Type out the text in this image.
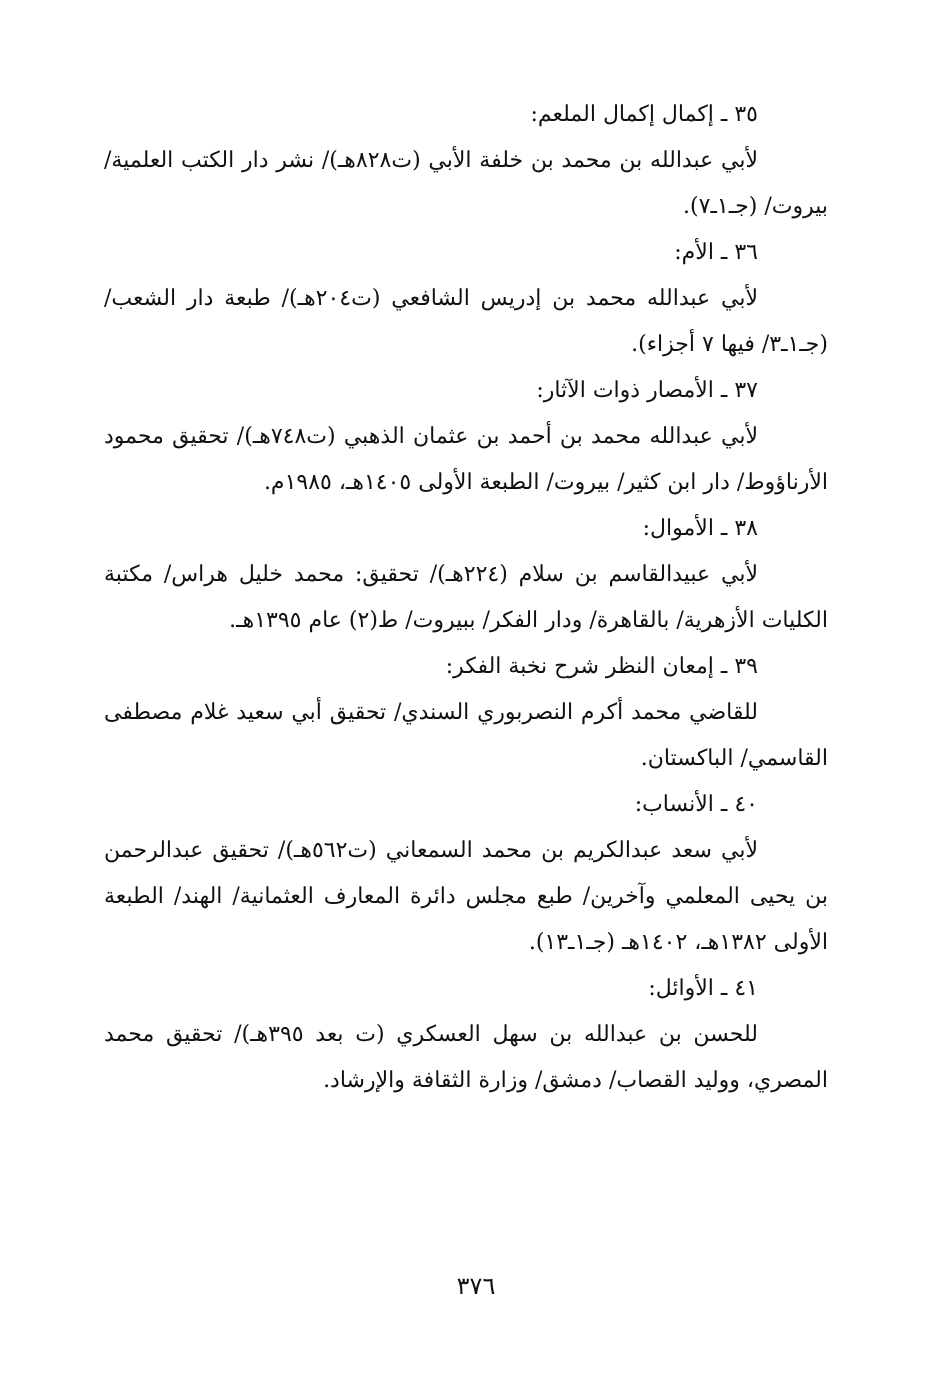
٣٥ ـ إكمال إكمال الملعم:
لأبي عبدالله بن محمد بن خلفة الأبي (ت٨٢٨هـ)/ نشر دار الكتب العلمية/ بيروت/ (جـ١ـ٧).
٣٦ ـ الأم:
لأبي عبدالله محمد بن إدريس الشافعي (ت٢٠٤هـ)/ طبعة دار الشعب/ (جـ١ـ٣/ فيها ٧ أجزاء).
٣٧ ـ الأمصار ذوات الآثار:
لأبي عبدالله محمد بن أحمد بن عثمان الذهبي (ت٧٤٨هـ)/ تحقيق محمود الأرناؤوط/ دار ابن كثير/ بيروت/ الطبعة الأولى ١٤٠٥هـ، ١٩٨٥م.
٣٨ ـ الأموال:
لأبي عبيدالقاسم بن سلام (٢٢٤هـ)/ تحقيق: محمد خليل هراس/ مكتبة الكليات الأزهرية/ بالقاهرة/ ودار الفكر/ ببيروت/ ط(٢) عام ١٣٩٥هـ.
٣٩ ـ إمعان النظر شرح نخبة الفكر:
للقاضي محمد أكرم النصربوري السندي/ تحقيق أبي سعيد غلام مصطفى القاسمي/ الباكستان.
٤٠ ـ الأنساب:
لأبي سعد عبدالكريم بن محمد السمعاني (ت٥٦٢هـ)/ تحقيق عبدالرحمن بن يحيى المعلمي وآخرين/ طبع مجلس دائرة المعارف العثمانية/ الهند/ الطبعة الأولى ١٣٨٢هـ، ١٤٠٢هـ (جـ١ـ١٣).
٤١ ـ الأوائل:
للحسن بن عبدالله بن سهل العسكري (ت بعد ٣٩٥هـ)/ تحقيق محمد المصري، ووليد القصاب/ دمشق/ وزارة الثقافة والإرشاد.
٣٧٦
